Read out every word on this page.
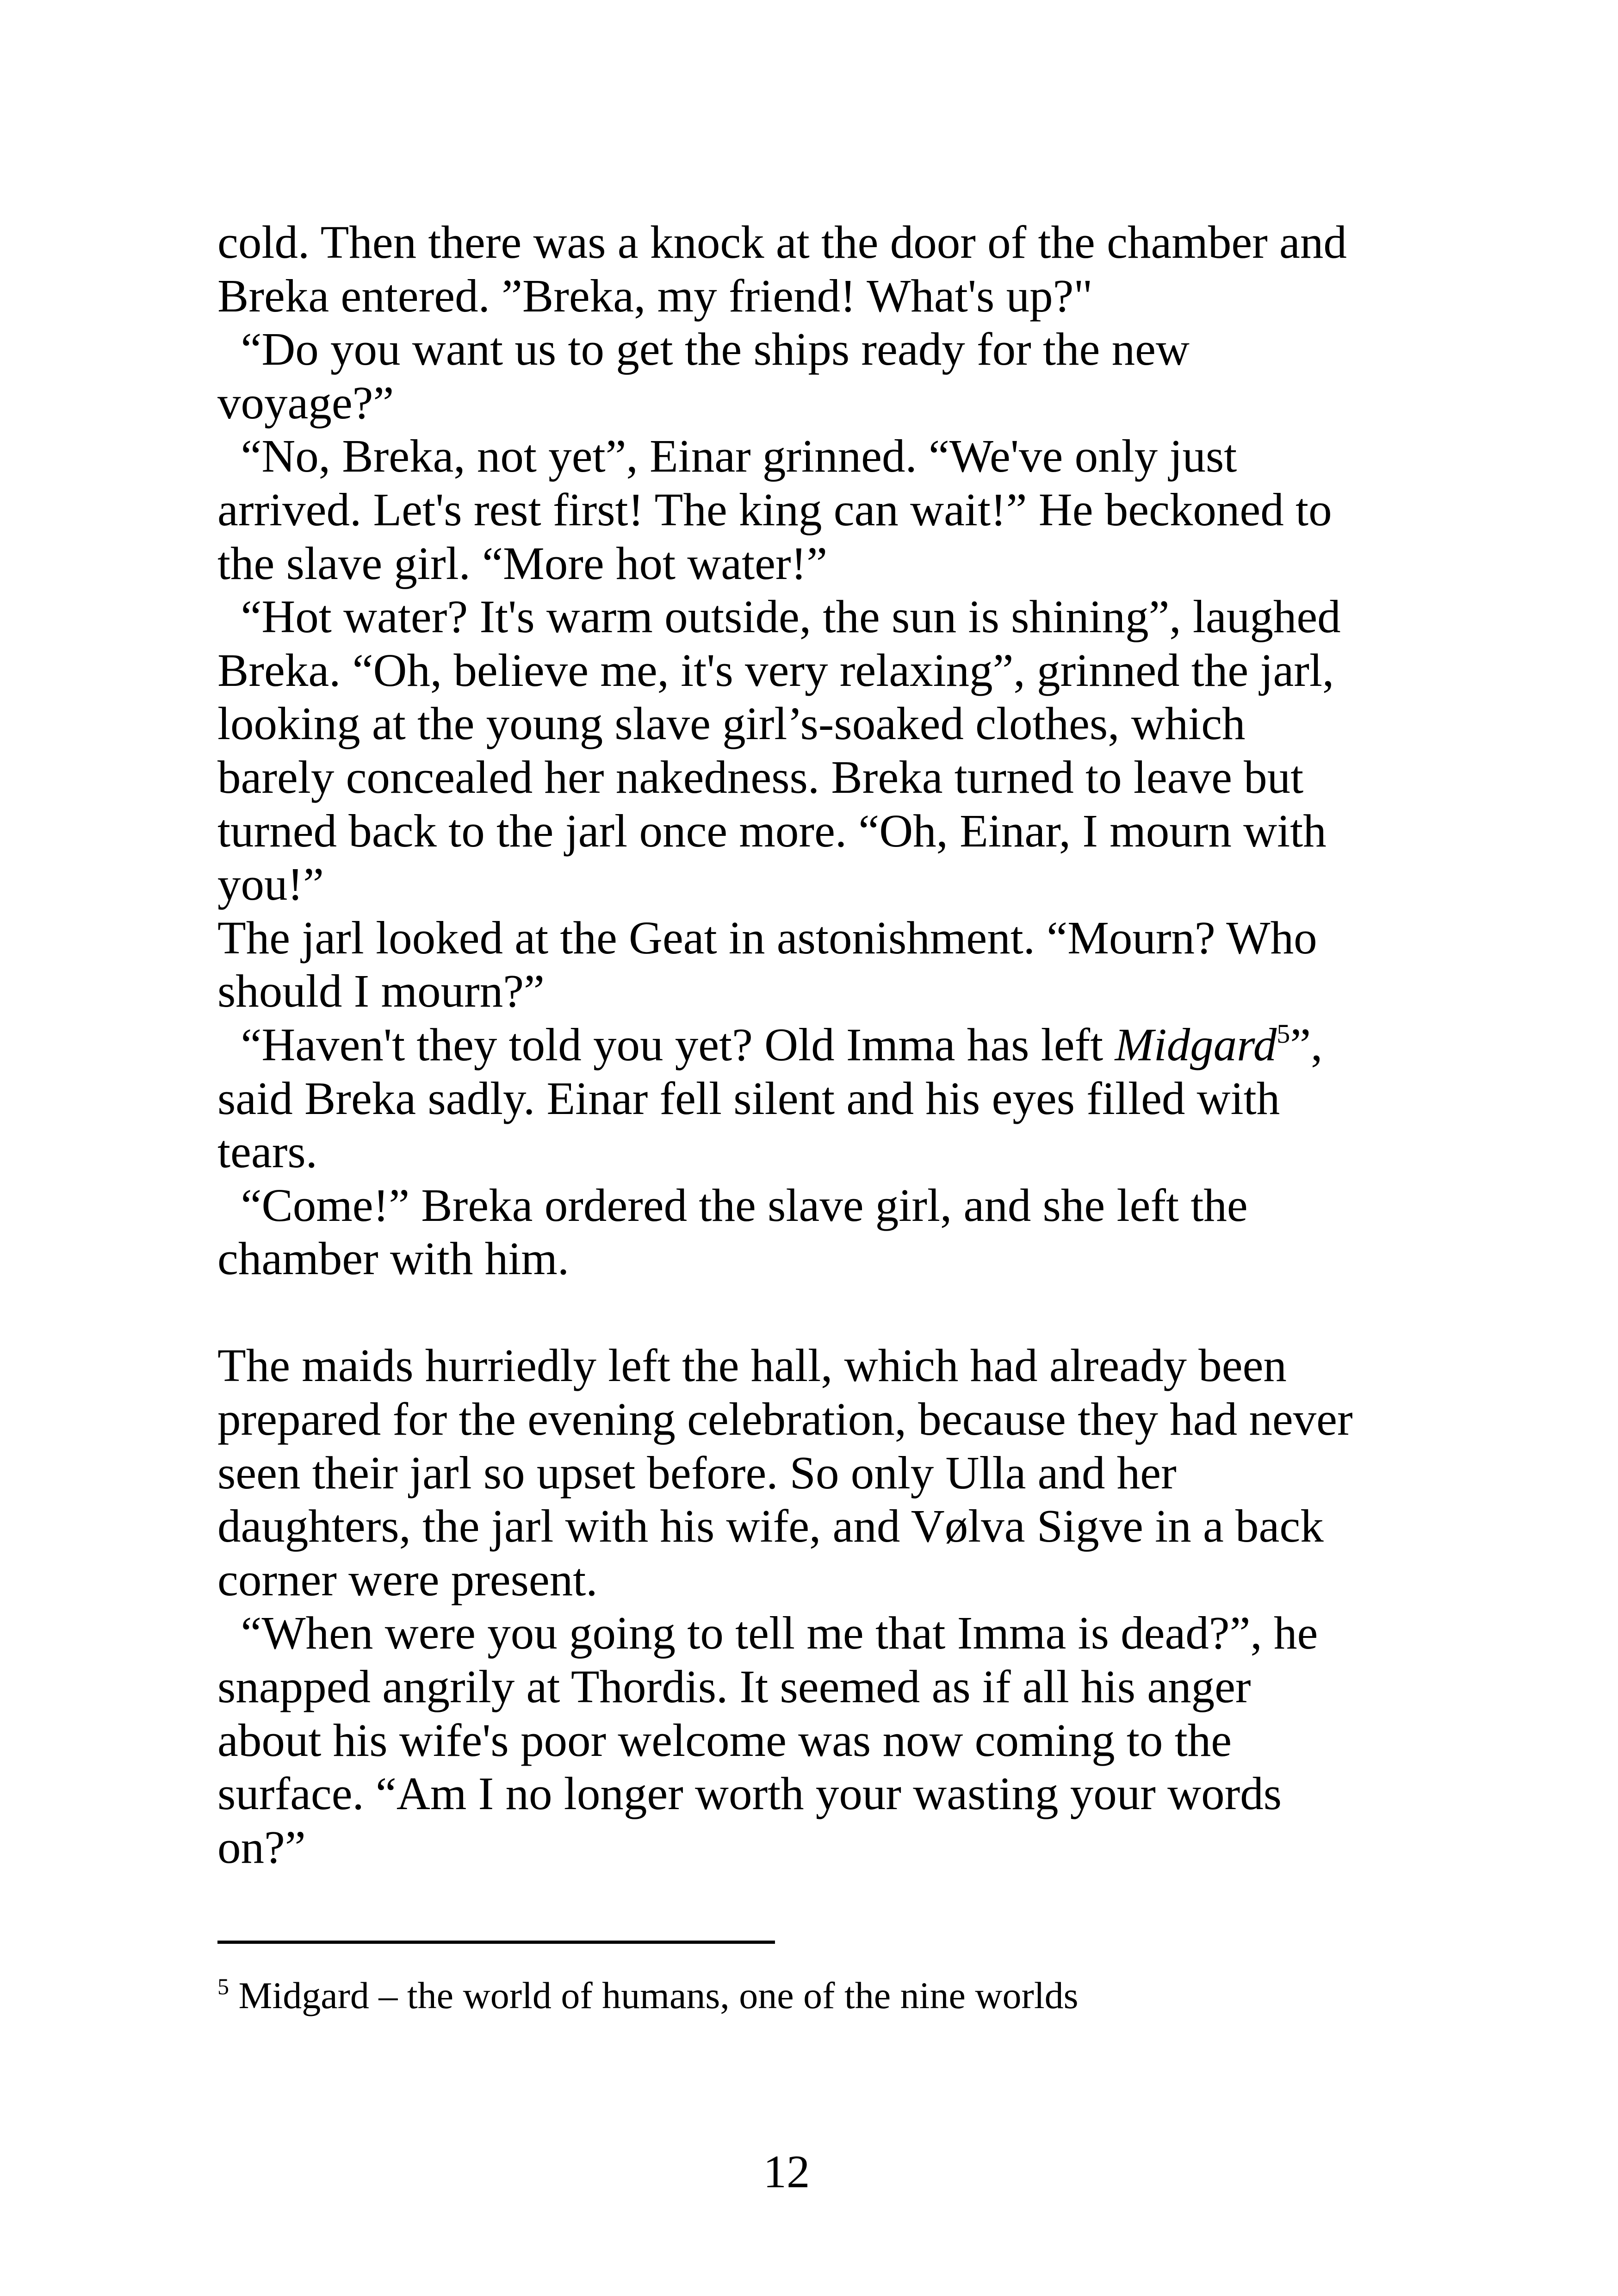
cold. Then there was a knock at the door of the chamber and
Breka entered. ”Breka, my friend! What's up?"
“Do you want us to get the ships ready for the new
voyage?”
“No, Breka, not yet”, Einar grinned. “We've only just
arrived. Let's rest first! The king can wait!” He beckoned to
the slave girl. “More hot water!”
“Hot water? It's warm outside, the sun is shining”, laughed
Breka. “Oh, believe me, it's very relaxing”, grinned the jarl,
looking at the young slave girl’s-soaked clothes, which
barely concealed her nakedness. Breka turned to leave but
turned back to the jarl once more. “Oh, Einar, I mourn with
you!”
The jarl looked at the Geat in astonishment. “Mourn? Who
should I mourn?”
“Haven't they told you yet? Old Imma has left Midgard$^5$”,
said Breka sadly. Einar fell silent and his eyes filled with
tears.
“Come!” Breka ordered the slave girl, and she left the
chamber with him.
The maids hurriedly left the hall, which had already been
prepared for the evening celebration, because they had never
seen their jarl so upset before. So only Ulla and her
daughters, the jarl with his wife, and Vølva Sigve in a back
corner were present.
“When were you going to tell me that Imma is dead?”, he
snapped angrily at Thordis. It seemed as if all his anger
about his wife's poor welcome was now coming to the
surface. “Am I no longer worth your wasting your words
on?”
$^5$ Midgard – the world of humans, one of the nine worlds
12
